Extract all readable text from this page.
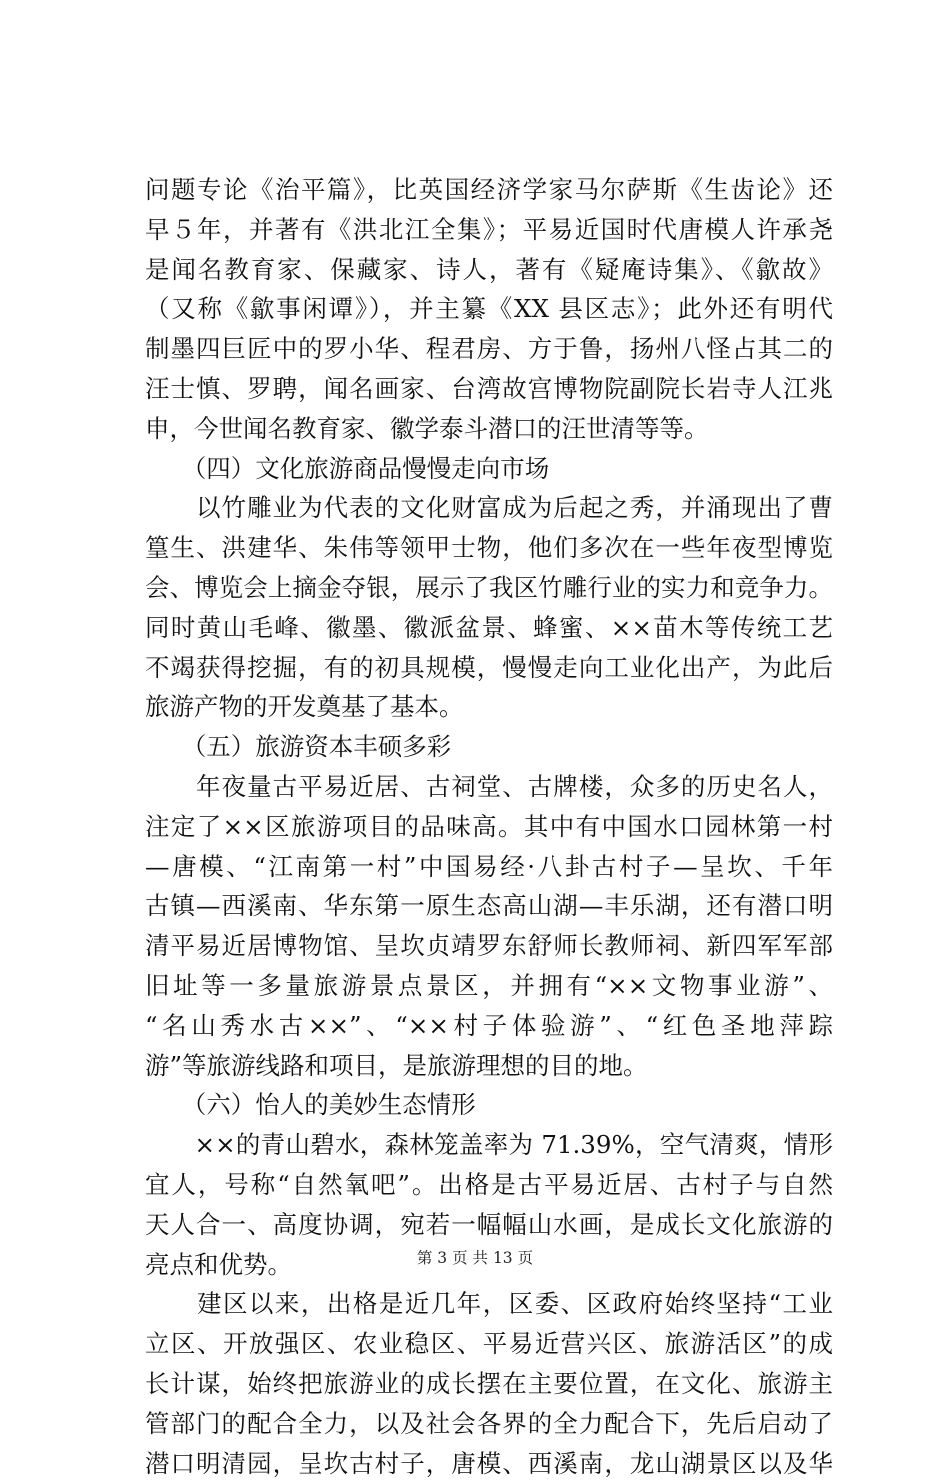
问题专论《治平篇》，比英国经济学家马尔萨斯《生齿论》还
早５年，并著有《洪北江全集》；平易近国时代唐模人许承尧
是闻名教育家、保藏家、诗人，著有《疑庵诗集》、《歙故》
（又称《歙事闲谭》），并主纂《XX 县区志》；此外还有明代
制墨四巨匠中的罗小华、程君房、方于鲁，扬州八怪占其二的
汪士慎、罗聘，闻名画家、台湾故宫博物院副院长岩寺人江兆
申，今世闻名教育家、徽学泰斗潜口的汪世清等等。
　　（四）文化旅游商品慢慢走向市场
　　以竹雕业为代表的文化财富成为后起之秀，并涌现出了曹
篁生、洪建华、朱伟等领甲士物，他们多次在一些年夜型博览
会、博览会上摘金夺银，展示了我区竹雕行业的实力和竞争力。
同时黄山毛峰、徽墨、徽派盆景、蜂蜜、××苗木等传统工艺
不竭获得挖掘，有的初具规模，慢慢走向工业化出产，为此后
旅游产物的开发奠基了基本。
　　（五）旅游资本丰硕多彩
　　年夜量古平易近居、古祠堂、古牌楼，众多的历史名人，
注定了××区旅游项目的品味高。其中有中国水口园林第一村
—唐模、“江南第一村”中国易经·八卦古村子—呈坎、千年
古镇—西溪南、华东第一原生态高山湖—丰乐湖，还有潜口明
清平易近居博物馆、呈坎贞靖罗东舒师长教师祠、新四军军部
旧址等一多量旅游景点景区，并拥有“××文物事业游”、
“名山秀水古××”、“××村子体验游”、“红色圣地萍踪
游”等旅游线路和项目，是旅游理想的目的地。
　　（六）怡人的美妙生态情形
　　××的青山碧水，森林笼盖率为 71.39%，空气清爽，情形
宜人，号称“自然氧吧”。出格是古平易近居、古村子与自然
天人合一、高度协调，宛若一幅幅山水画，是成长文化旅游的
亮点和优势。
　　建区以来，出格是近几年，区委、区政府始终坚持“工业
立区、开放强区、农业稳区、平易近营兴区、旅游活区”的成
长计谋，始终把旅游业的成长摆在主要位置，在文化、旅游主
管部门的配合全力，以及社会各界的全力配合下，先后启动了
潜口明清园，呈坎古村子，唐模、西溪南，龙山湖景区以及华
第 3 页 共 13 页
